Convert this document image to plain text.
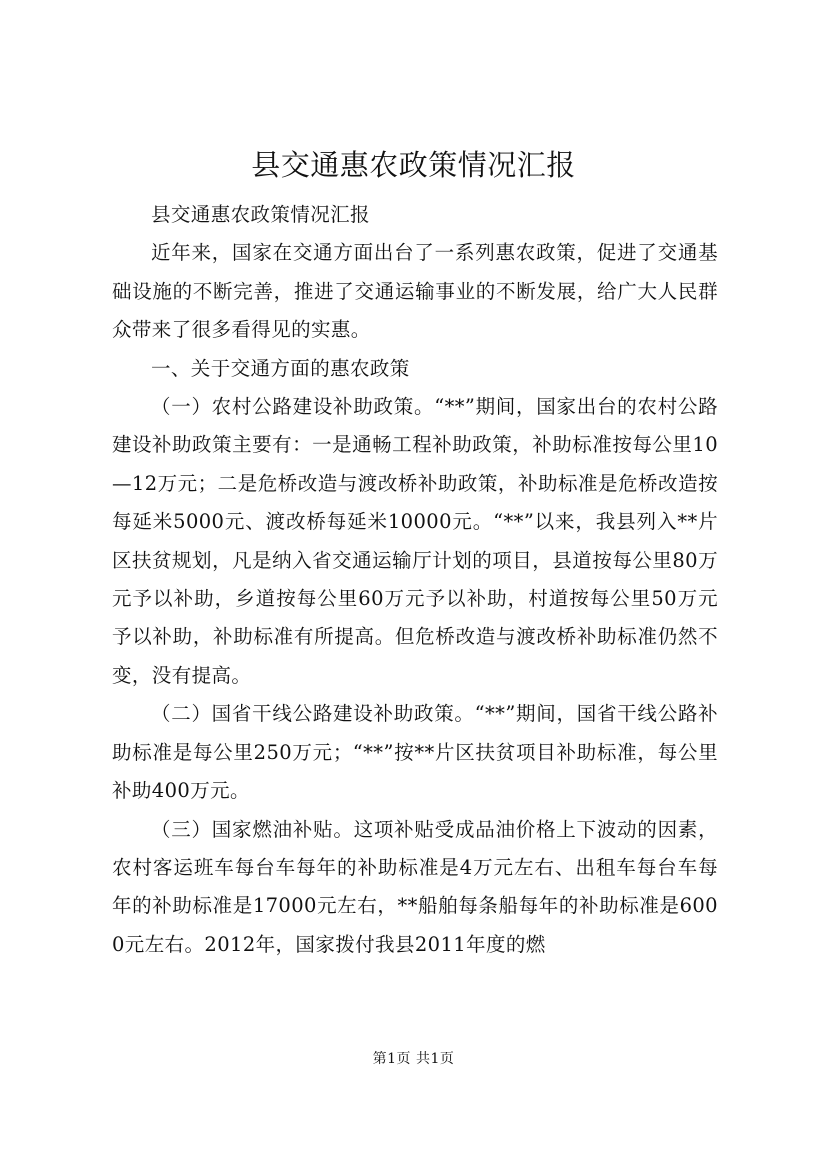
县交通惠农政策情况汇报

县交通惠农政策情况汇报

近年来，国家在交通方面出台了一系列惠农政策，促进了交通基础设施的不断完善，推进了交通运输事业的不断发展，给广大人民群众带来了很多看得见的实惠。

一、关于交通方面的惠农政策

（一）农村公路建设补助政策。“**”期间，国家出台的农村公路建设补助政策主要有：一是通畅工程补助政策，补助标准按每公里10—12万元；二是危桥改造与渡改桥补助政策，补助标准是危桥改造按每延米5000元、渡改桥每延米10000元。“**”以来，我县列入**片区扶贫规划，凡是纳入省交通运输厅计划的项目，县道按每公里80万元予以补助，乡道按每公里60万元予以补助，村道按每公里50万元予以补助，补助标准有所提高。但危桥改造与渡改桥补助标准仍然不变，没有提高。

（二）国省干线公路建设补助政策。“**”期间，国省干线公路补助标准是每公里250万元；“**”按**片区扶贫项目补助标准，每公里补助400万元。

（三）国家燃油补贴。这项补贴受成品油价格上下波动的因素，农村客运班车每台车每年的补助标准是4万元左右、出租车每台车每年的补助标准是17000元左右，**船舶每条船每年的补助标准是6000元左右。2012年，国家拨付我县2011年度的燃

第1页 共1页
